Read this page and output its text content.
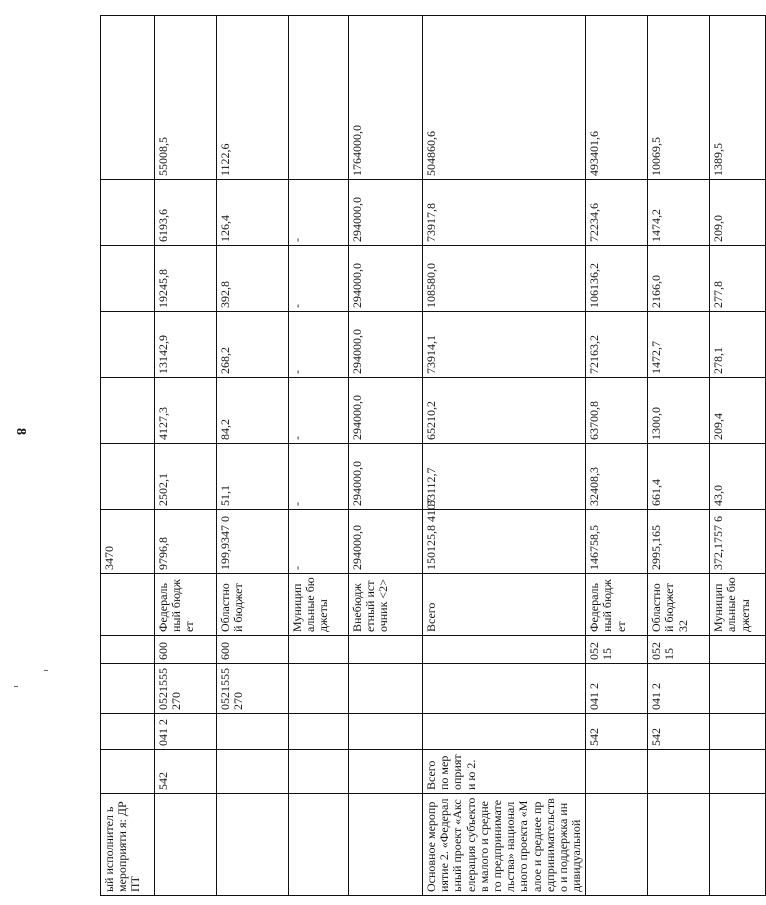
8
ый исполнител ь мероприяти я: ДРПТ						3470						
	542	041 2	0521555 270	600	Федераль ный бюджет	9796,8	2502,1	4127,3	13142,9	19245,8	6193,6	55008,5
			0521555 270	600	Областно й бюджет	199,9347 0	51,1	84,2	268,2	392,8	126,4	1122,6
					Муницип альные бюджеты	-	-	-	-	-	-	
					Внебюдж етный источник <2>	294000,0	294000,0	294000,0	294000,0	294000,0	294000,0	1764000,0
Основное мероприятие 2. «Федеральный проект «Акселерация субъектов малого и среднего предпринимательства» национального проекта «Малое и среднее предпринимательство и поддержка индивидуальной	Всего по мероприяти ю 2.				Всего	150125,8 4107	33112,7	65210,2	73914,1	108580,0	73917,8	504860,6
		542	041 2	05215	Федераль ный бюджет	146758,5	32408,3	63700,8	72163,2	106136,2	72234,6	493401,6
		542	041 2	05215	Областно й бюджет 32	2995,165	661,4	1300,0	1472,7	2166,0	1474,2	10069,5
					Муницип альные бюджеты	372,1757 6	43,0	209,4	278,1	277,8	209,0	1389,5
